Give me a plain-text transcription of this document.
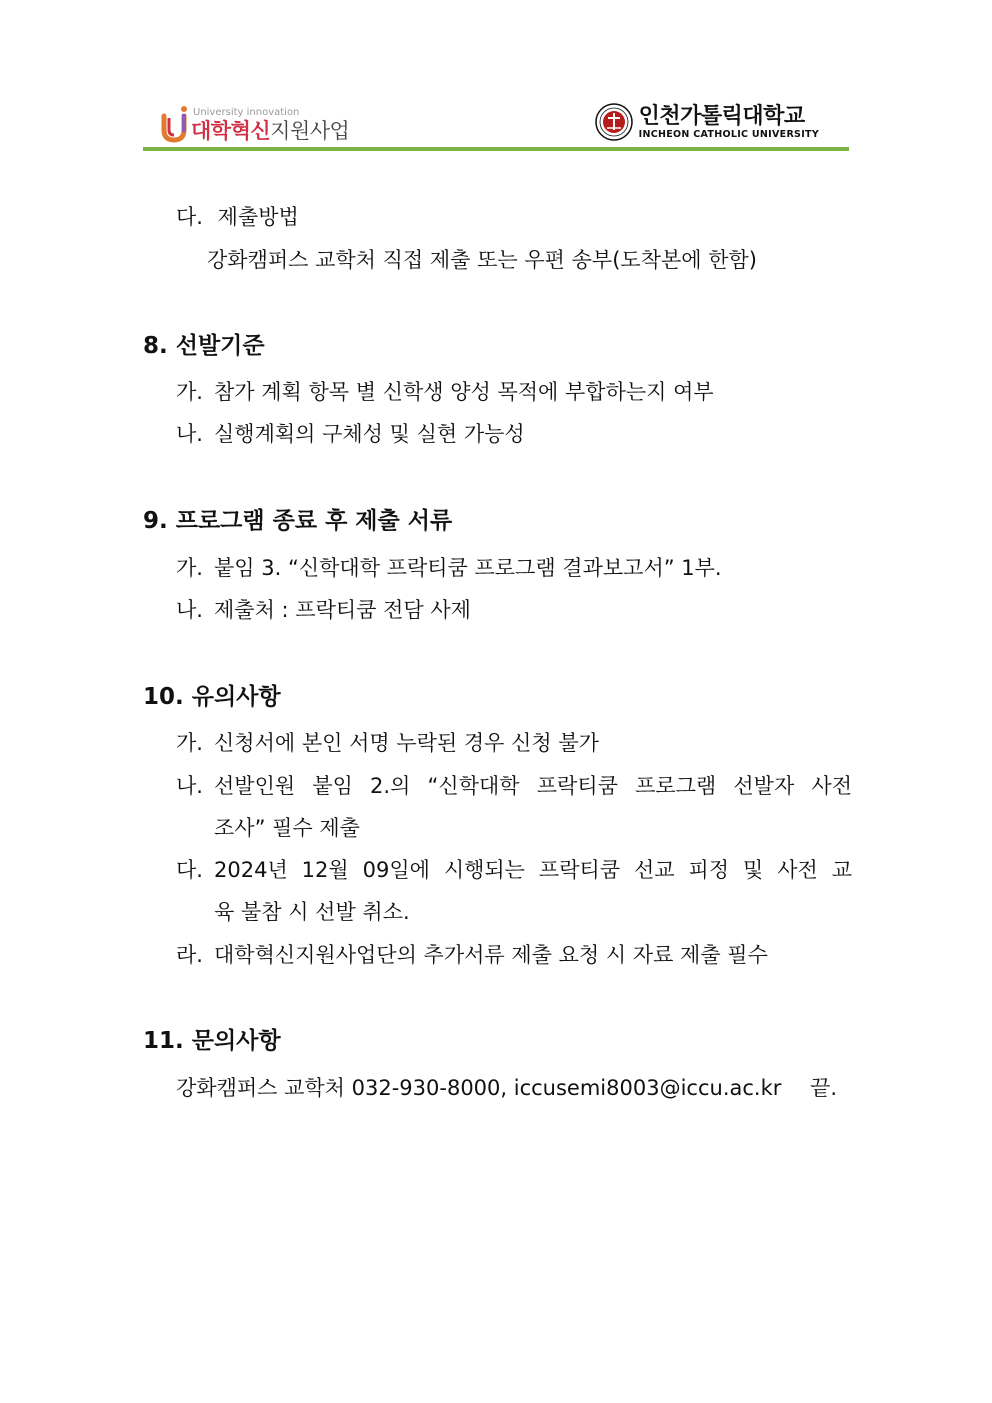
University innovation
대학혁신지원사업
인천가톨릭대학교
INCHEON CATHOLIC UNIVERSITY
다. 제출방법
강화캠퍼스 교학처 직접 제출 또는 우편 송부(도착본에 한함)
8. 선발기준
가. 참가 계획 항목 별 신학생 양성 목적에 부합하는지 여부
나. 실행계획의 구체성 및 실현 가능성
9. 프로그램 종료 후 제출 서류
가. 붙임 3. “신학대학 프락티쿰 프로그램 결과보고서” 1부.
나. 제출처 : 프락티쿰 전담 사제
10. 유의사항
가. 신청서에 본인 서명 누락된 경우 신청 불가
나. 선발인원 붙임 2.의 “신학대학 프락티쿰 프로그램 선발자 사전
조사” 필수 제출
다. 2024년 12월 09일에 시행되는 프락티쿰 선교 피정 및 사전 교
육 불참 시 선발 취소.
라. 대학혁신지원사업단의 추가서류 제출 요청 시 자료 제출 필수
11. 문의사항
강화캠퍼스 교학처 032-930-8000, iccusemi8003@iccu.ac.kr 끝.
